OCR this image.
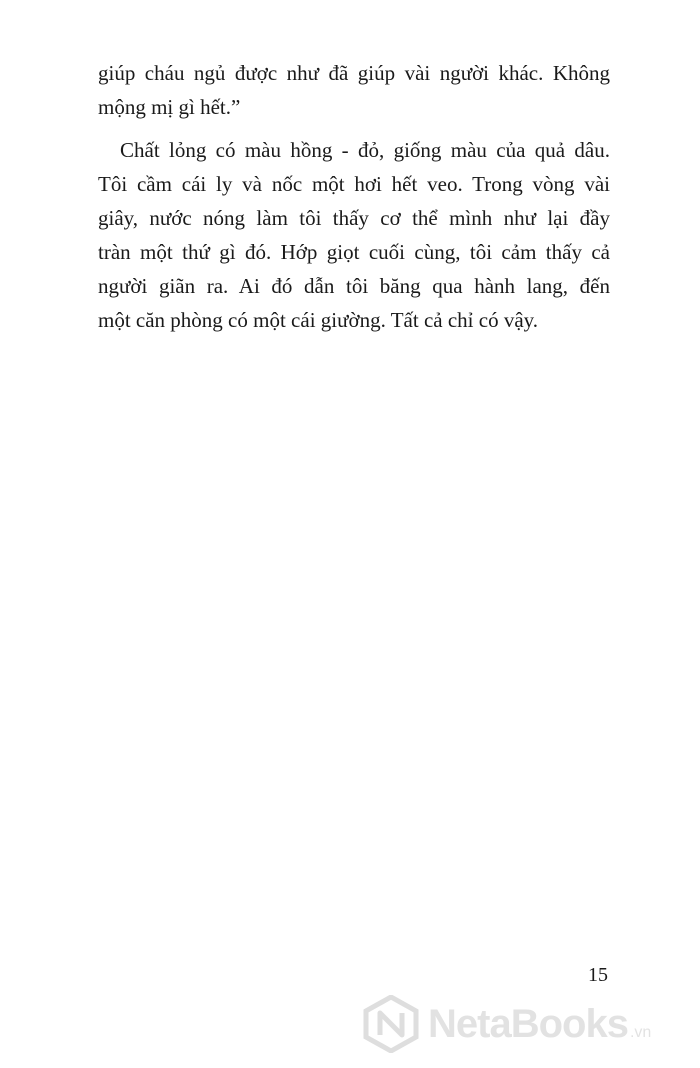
giúp cháu ngủ được như đã giúp vài người khác. Không
mộng mị gì hết.”
Chất lỏng có màu hồng - đỏ, giống màu của quả dâu.
Tôi cầm cái ly và nốc một hơi hết veo. Trong vòng vài
giây, nước nóng làm tôi thấy cơ thể mình như lại đầy
tràn một thứ gì đó. Hớp giọt cuối cùng, tôi cảm thấy cả
người giãn ra. Ai đó dẫn tôi băng qua hành lang, đến
một căn phòng có một cái giường. Tất cả chỉ có vậy.
15
NetaBooks .vn
